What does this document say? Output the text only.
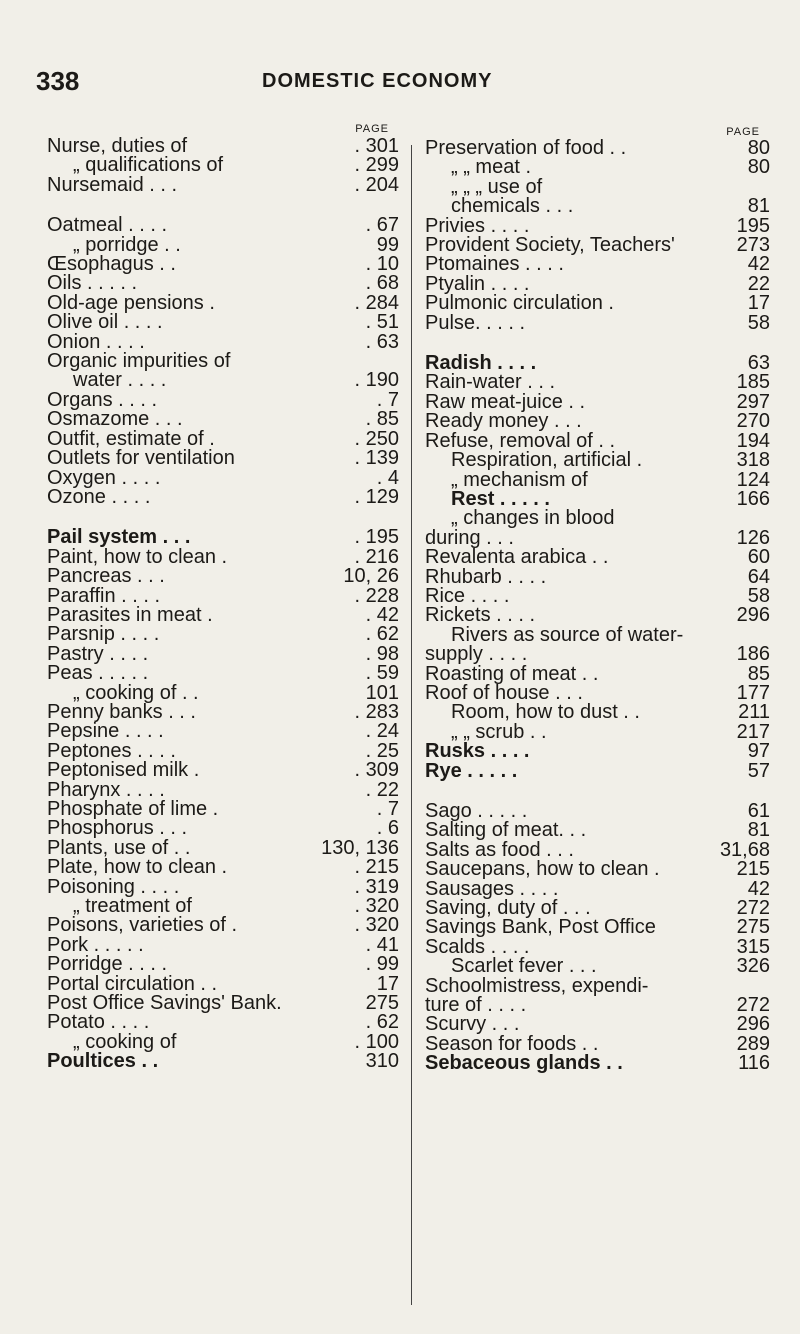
338	DOMESTIC ECONOMY
PAGE
Nurse, duties of	. 301
„ qualifications of	. 299
Nursemaid . . .	. 204
Oatmeal . . . .	. 67
„ porridge . .	99
Œsophagus . .	. 10
Oils . . . . .	. 68
Old-age pensions .	. 284
Olive oil . . . .	. 51
Onion . . . .	. 63
Organic impurities of
water . . . .	. 190
Organs . . . .	. 7
Osmazome . . .	. 85
Outfit, estimate of .	. 250
Outlets for ventilation	. 139
Oxygen . . . .	. 4
Ozone . . . .	. 129
Pail system . . .	. 195
Paint, how to clean .	. 216
Pancreas . . .	10, 26
Paraffin . . . .	. 228
Parasites in meat .	. 42
Parsnip . . . .	. 62
Pastry . . . .	. 98
Peas . . . . .	. 59
„ cooking of . .	101
Penny banks . . .	. 283
Pepsine . . . .	. 24
Peptones . . . .	. 25
Peptonised milk .	. 309
Pharynx . . . .	. 22
Phosphate of lime .	. 7
Phosphorus . . .	. 6
Plants, use of . .	130, 136
Plate, how to clean .	. 215
Poisoning . . . .	. 319
„ treatment of	. 320
Poisons, varieties of .	. 320
Pork . . . . .	. 41
Porridge . . . .	. 99
Portal circulation . .	17
Post Office Savings' Bank.	275
Potato . . . .	. 62
„ cooking of	. 100
Poultices . .	310
PAGE
Preservation of food . .	80
„ „ meat .	80
„ „ „ use of
chemicals . . .	81
Privies . . . .	195
Provident Society, Teachers'	273
Ptomaines . . . .	42
Ptyalin . . . .	22
Pulmonic circulation .	17
Pulse. . . . .	58
Radish . . . .	63
Rain-water . . .	185
Raw meat-juice . .	297
Ready money . . .	270
Refuse, removal of . .	194
Respiration, artificial .	318
„ mechanism of	124
Rest . . . . .	166
„ changes in blood
during . . .	126
Revalenta arabica . .	60
Rhubarb . . . .	64
Rice . . . .	58
Rickets . . . .	296
Rivers as source of water-
supply . . . .	186
Roasting of meat . .	85
Roof of house . . .	177
Room, how to dust . .	211
„ „ scrub . .	217
Rusks . . . .	97
Rye . . . . .	57
Sago . . . . .	61
Salting of meat. . .	81
Salts as food . . .	31,68
Saucepans, how to clean .	215
Sausages . . . .	42
Saving, duty of . . .	272
Savings Bank, Post Office	275
Scalds . . . .	315
Scarlet fever . . .	326
Schoolmistress, expendi-
ture of . . . .	272
Scurvy . . .	296
Season for foods . .	289
Sebaceous glands . .	116
